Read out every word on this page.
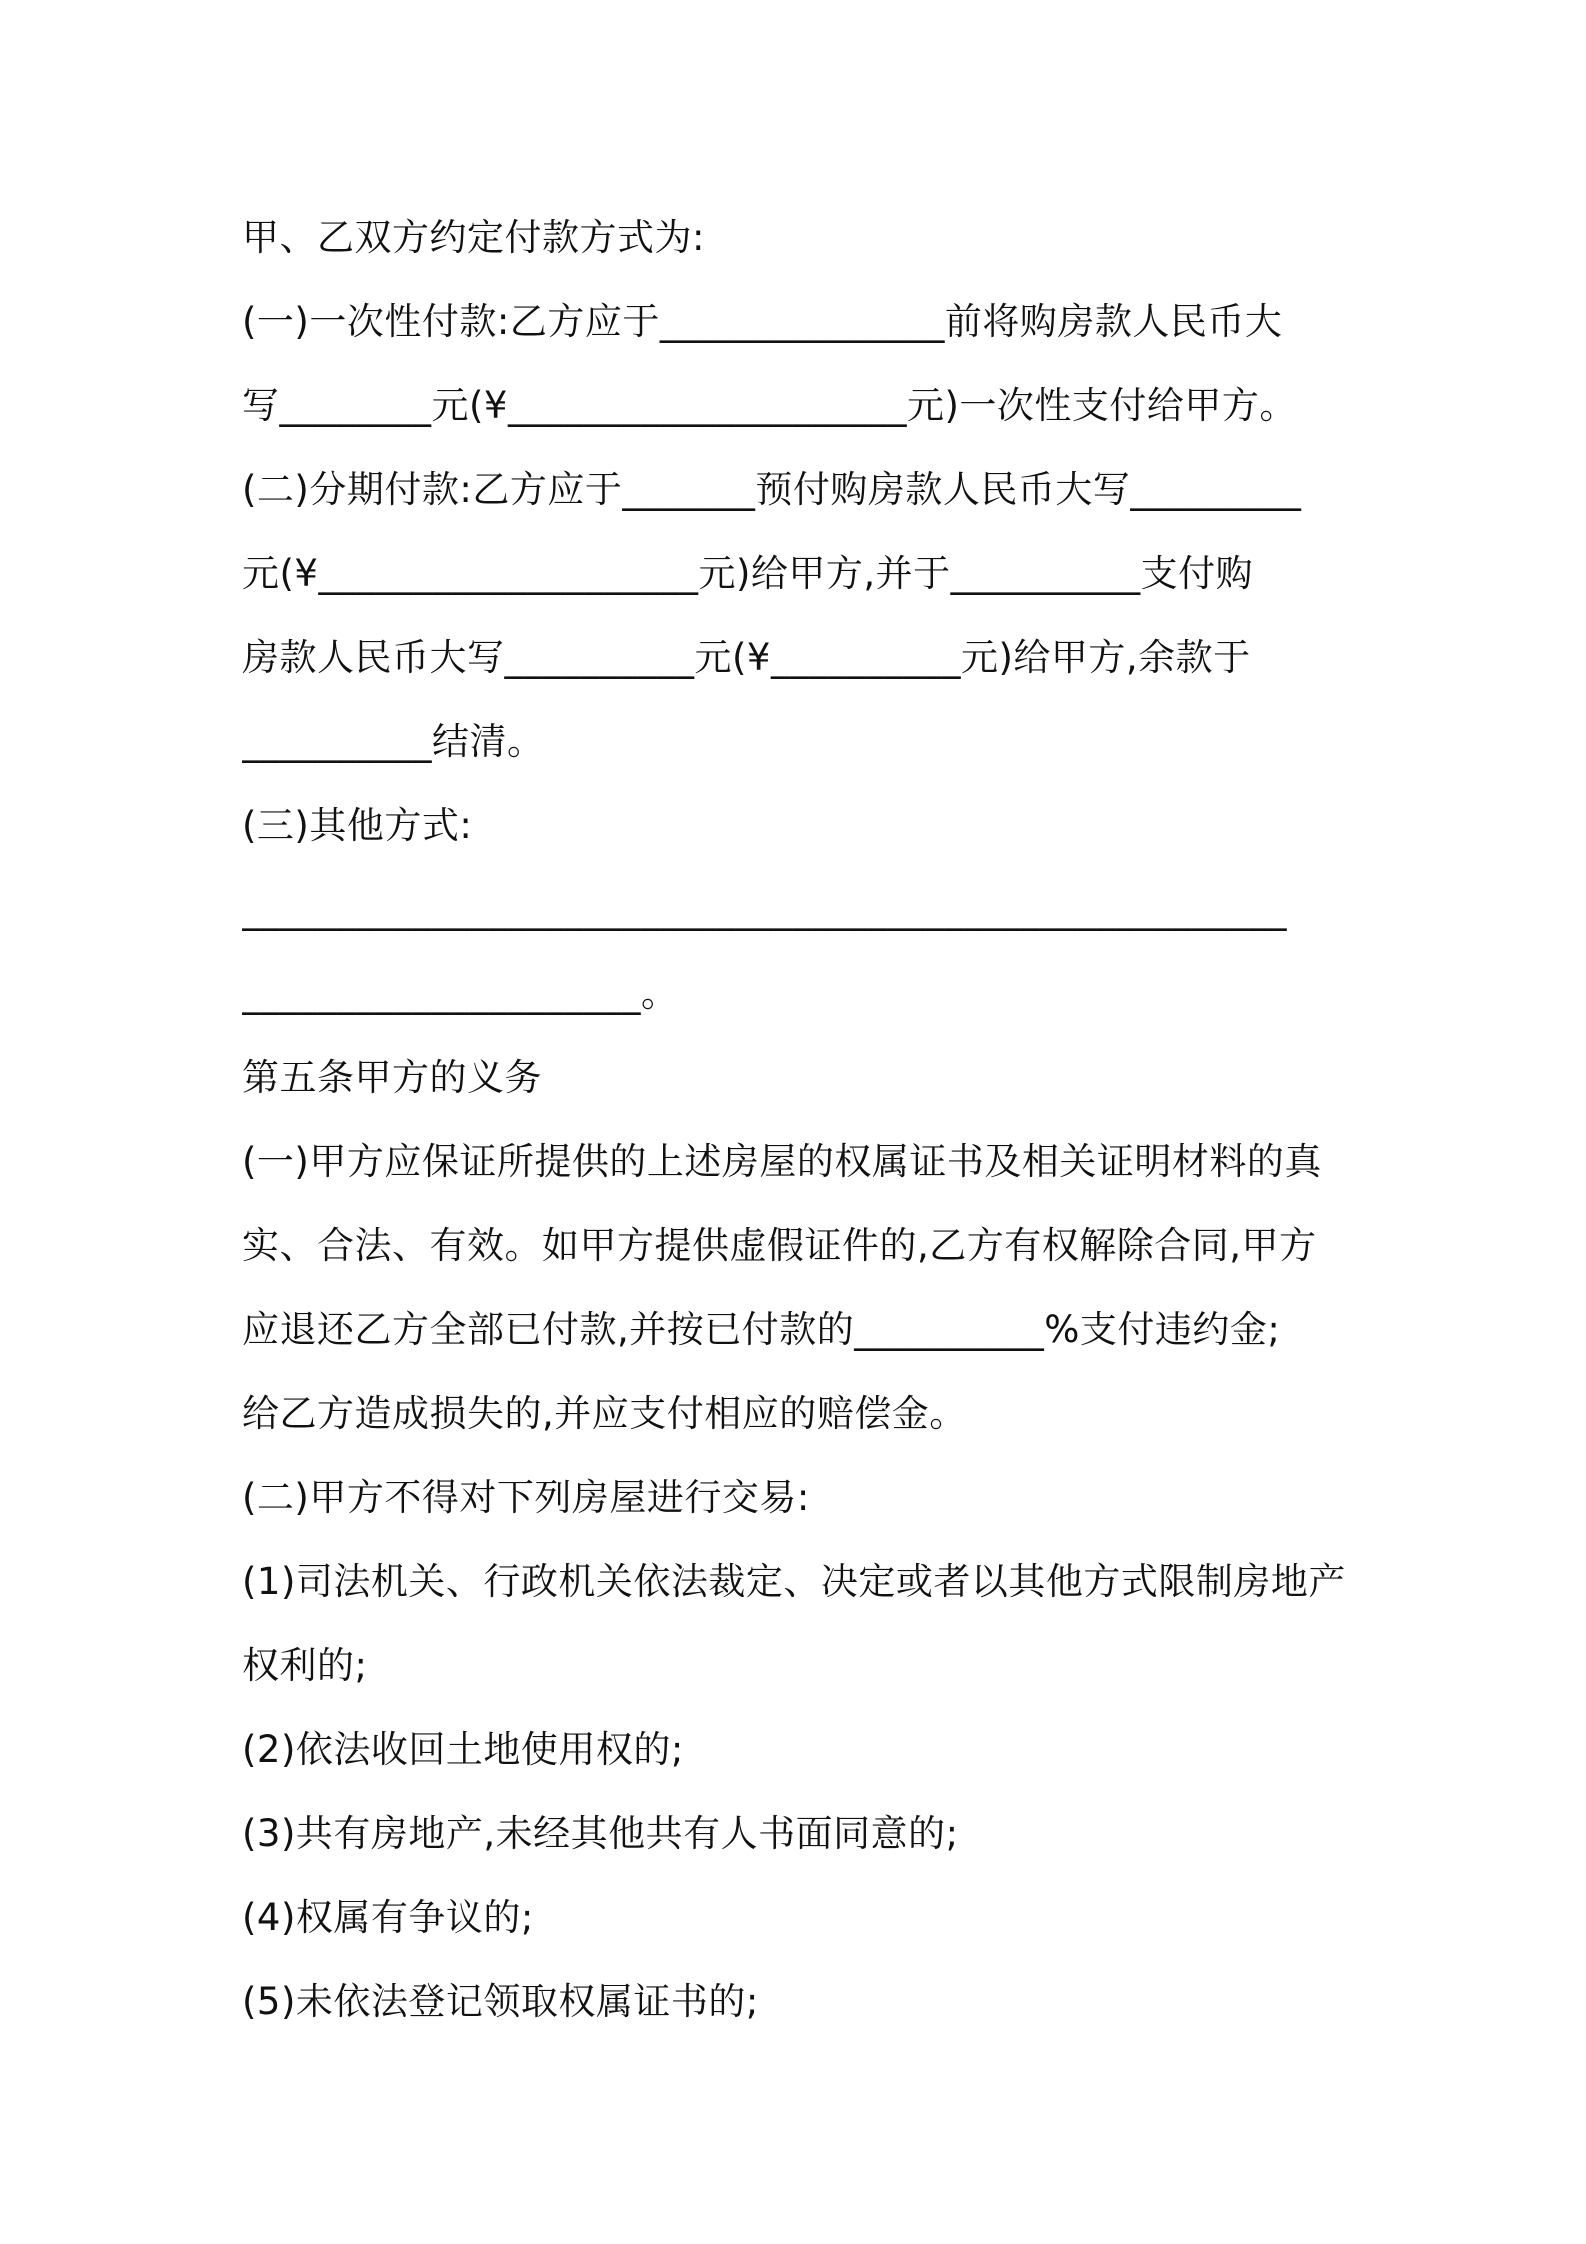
甲、乙双方约定付款方式为:
(一)一次性付款:乙方应于_______________前将购房款人民币大
写________元(¥_____________________元)一次性支付给甲方。
(二)分期付款:乙方应于_______预付购房款人民币大写_________
元(¥____________________元)给甲方,并于__________支付购
房款人民币大写__________元(¥__________元)给甲方,余款于
__________结清。
(三)其他方式:
_______________________________________________________
_____________________。
第五条甲方的义务
(一)甲方应保证所提供的上述房屋的权属证书及相关证明材料的真
实、合法、有效。如甲方提供虚假证件的,乙方有权解除合同,甲方
应退还乙方全部已付款,并按已付款的__________%支付违约金;
给乙方造成损失的,并应支付相应的赔偿金。
(二)甲方不得对下列房屋进行交易:
(1)司法机关、行政机关依法裁定、决定或者以其他方式限制房地产
权利的;
(2)依法收回土地使用权的;
(3)共有房地产,未经其他共有人书面同意的;
(4)权属有争议的;
(5)未依法登记领取权属证书的;
